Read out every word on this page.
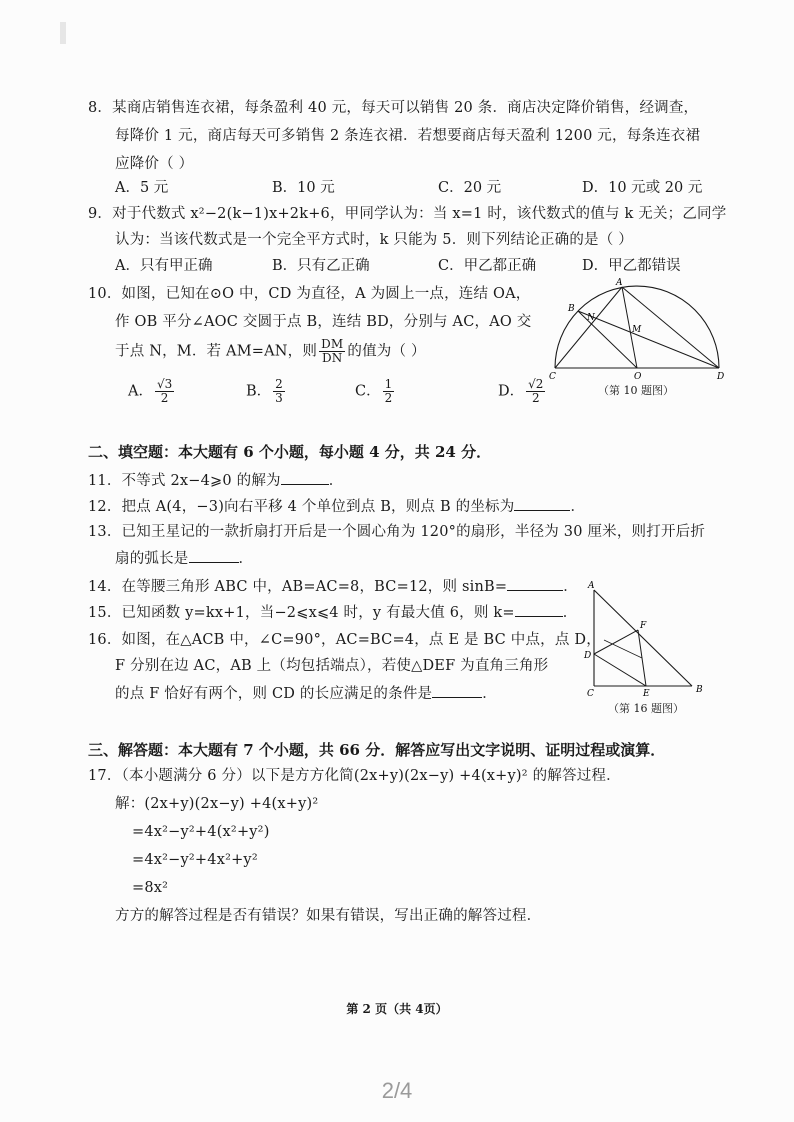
8．某商店销售连衣裙，每条盈利 40 元，每天可以销售 20 条．商店决定降价销售，经调查，
每降价 1 元，商店每天可多销售 2 条连衣裙．若想要商店每天盈利 1200 元，每条连衣裙
应降价（ ）
A．5 元	B．10 元	C．20 元	D．10 元或 20 元
9．对于代数式 x²−2(k−1)x+2k+6，甲同学认为：当 x=1 时，该代数式的值与 k 无关；乙同学
认为：当该代数式是一个完全平方式时，k 只能为 5．则下列结论正确的是（ ）
A．只有甲正确	B．只有乙正确	C．甲乙都正确	D．甲乙都错误
10．如图，已知在⊙O 中，CD 为直径，A 为圆上一点，连结 OA，
作 OB 平分∠AOC 交圆于点 B，连结 BD，分别与 AC，AO 交
于点 N，M．若 AM=AN，则 $\frac{DM}{DN}$ 的值为（ ）
A． $\frac{√3}{2}$	B． $\frac{2}{3}$	C． $\frac{1}{2}$	D． $\frac{√2}{2}$
A
B
N
M
C	O	D
（第 10 题图）
二、填空题：本大题有 6 个小题，每小题 4 分，共 24 分．
11．不等式 2x−4⩾0 的解为	．
12．把点 A(4，−3)向右平移 4 个单位到点 B，则点 B 的坐标为	．
13．已知王星记的一款折扇打开后是一个圆心角为 120°的扇形，半径为 30 厘米，则打开后折
扇的弧长是	．
14．在等腰三角形 ABC 中，AB=AC=8，BC=12，则 sinB=	．
15．已知函数 y=kx+1，当−2⩽x⩽4 时，y 有最大值 6，则 k=	．
16．如图，在△ACB 中，∠C=90°，AC=BC=4，点 E 是 BC 中点，点 D，
F 分别在边 AC，AB 上（均包括端点），若使△DEF 为直角三角形
的点 F 恰好有两个，则 CD 的长应满足的条件是	．
A
F
D
C	E	B
（第 16 题图）
三、解答题：本大题有 7 个小题，共 66 分．解答应写出文字说明、证明过程或演算．
17．（本小题满分 6 分）以下是方方化简(2x+y)(2x−y) +4(x+y)² 的解答过程．
解：(2x+y)(2x−y) +4(x+y)²
=4x²−y²+4(x²+y²)
=4x²−y²+4x²+y²
=8x²
方方的解答过程是否有错误？如果有错误，写出正确的解答过程．
第 2 页（共 4页）
2/4
